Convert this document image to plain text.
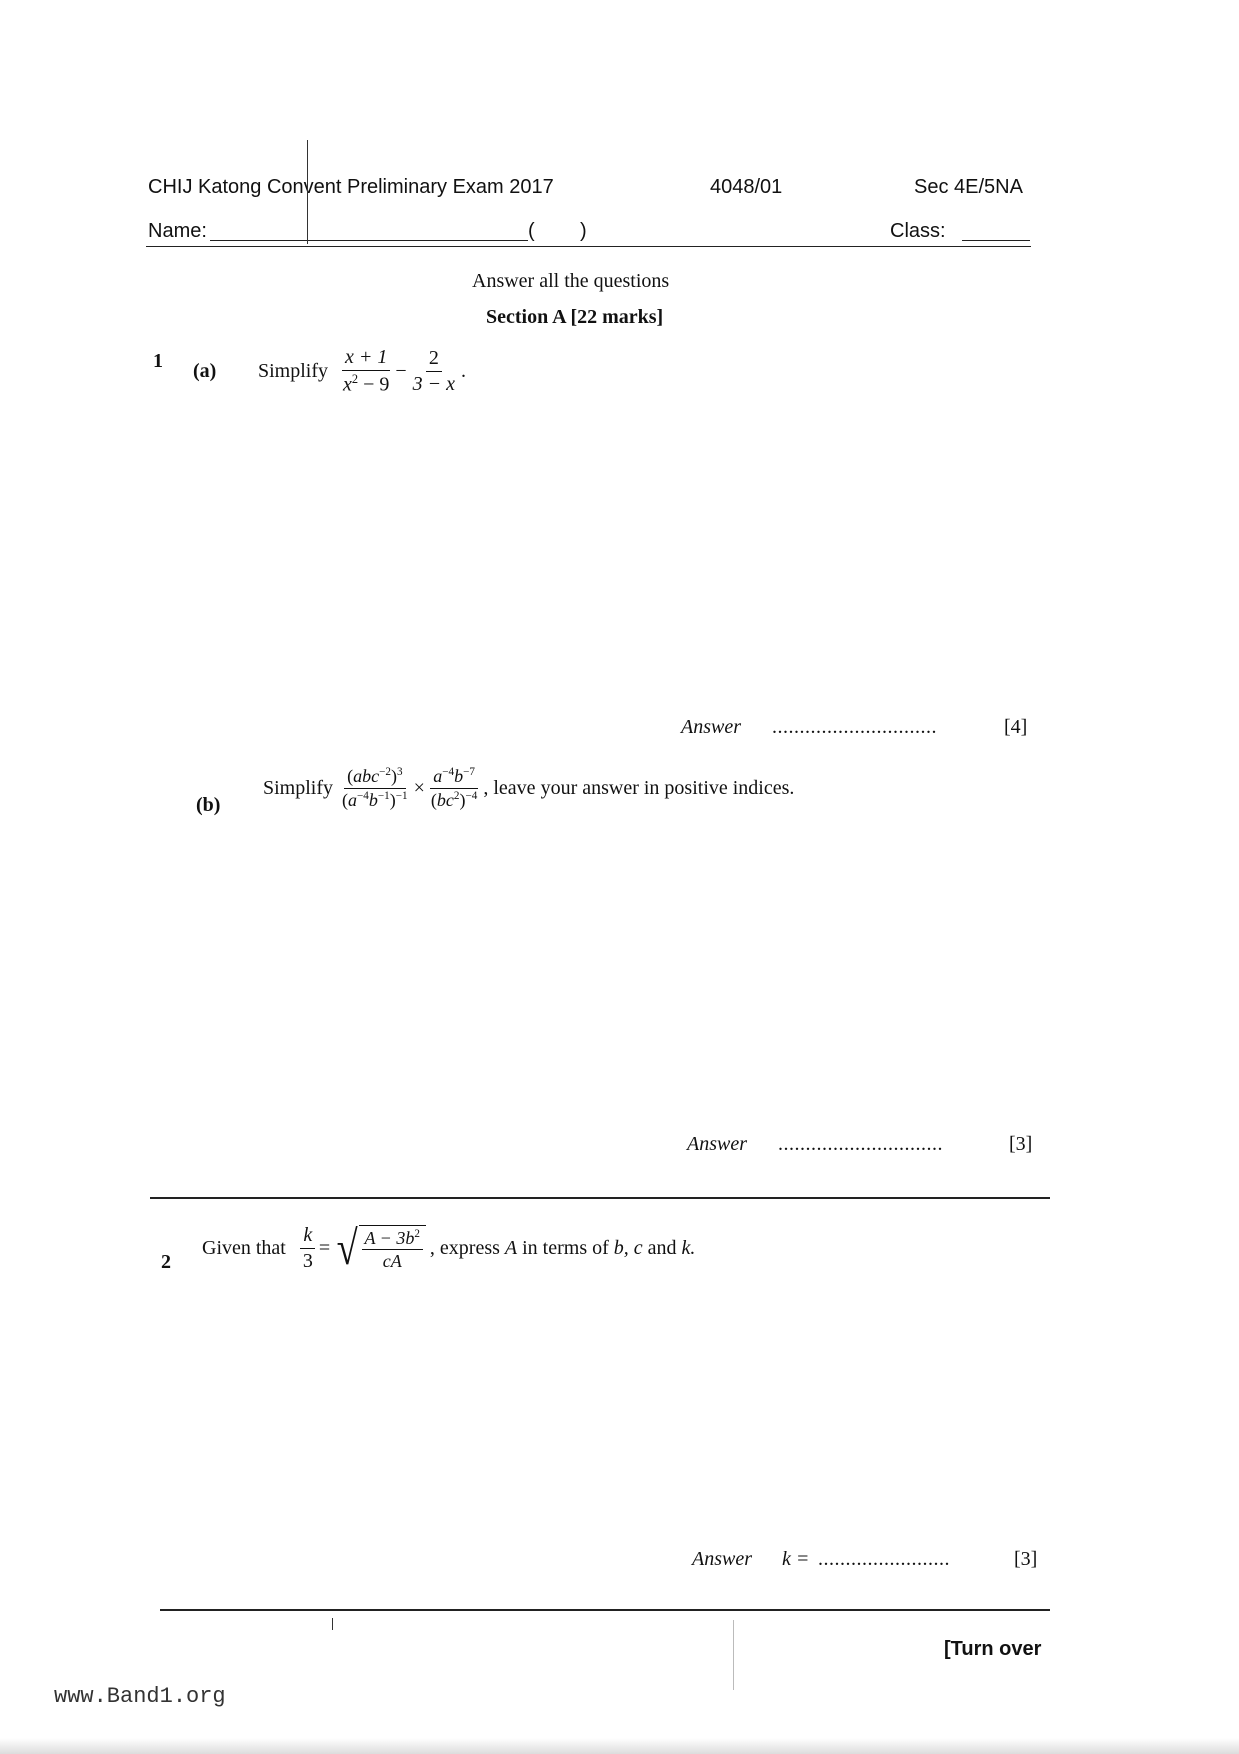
CHIJ Katong Convent Preliminary Exam 2017	4048/01	Sec 4E/5NA
Name:	( )	Class:
Answer all the questions
Section A [22 marks]
1 (a) Simplify $\frac{x + 1}{x^2 - 9} - \frac{2}{3 - x}$ .
Answer ..............................	[4]
(b)
Simplify $\frac{(abc^{-2})^3}{(a^{-4}b^{-1})^{-1}} \times \frac{a^{-4}b^{-7}}{(bc^2)^{-4}}$ , leave your answer in positive indices.
Answer ..............................	[3]
2
Given that $\frac{k}{3}$ = √ $\frac{A - 3b^2}{cA}$ , express
A
in terms of
b,
c
and
k.
Answer k = ........................	[3]
[Turn over
www.Band1.org
